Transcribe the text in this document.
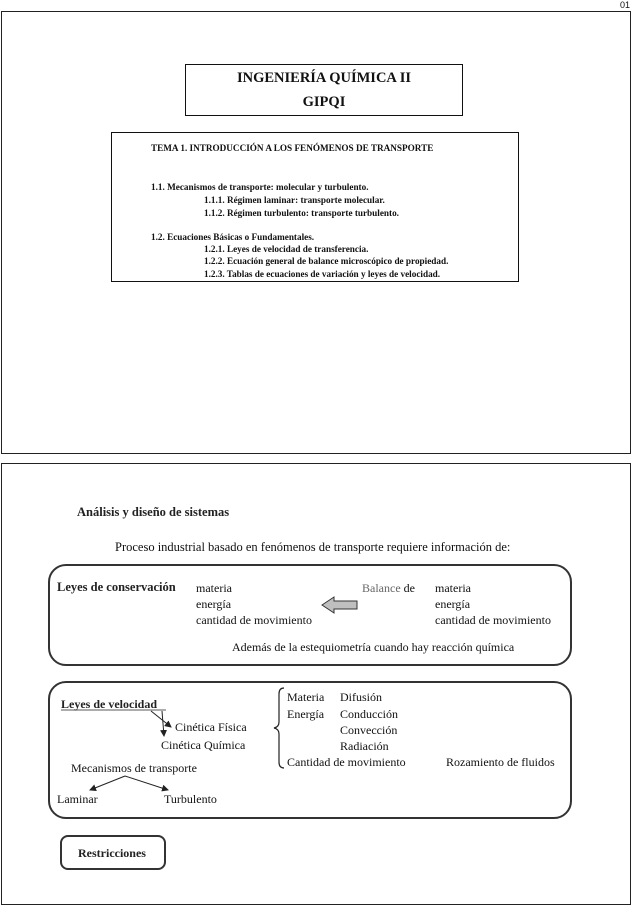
01
INGENIERÍA QUÍMICA II
GIPQI
TEMA 1. INTRODUCCIÓN A LOS FENÓMENOS DE TRANSPORTE
1.1. Mecanismos de transporte: molecular y turbulento.
1.1.1. Régimen laminar: transporte molecular.
1.1.2. Régimen turbulento: transporte turbulento.
1.2. Ecuaciones Básicas o Fundamentales.
1.2.1. Leyes de velocidad de transferencia.
1.2.2. Ecuación general de balance microscópico de propiedad.
1.2.3. Tablas de ecuaciones de variación y leyes de velocidad.
Análisis y diseño de sistemas
Proceso industrial basado en fenómenos de transporte requiere información de:
Leyes de conservación materia
energía
cantidad de movimiento
Balance de materia
energía
cantidad de movimiento
Además de la estequiometría cuando hay reacción química
Leyes de velocidad
Cinética Física
Cinética Química
Mecanismos de transporte
Laminar	Turbulento
Materia
Energía
Difusión
Conducción
Convección
Radiación
Cantidad de movimiento	Rozamiento de fluidos
Restricciones
